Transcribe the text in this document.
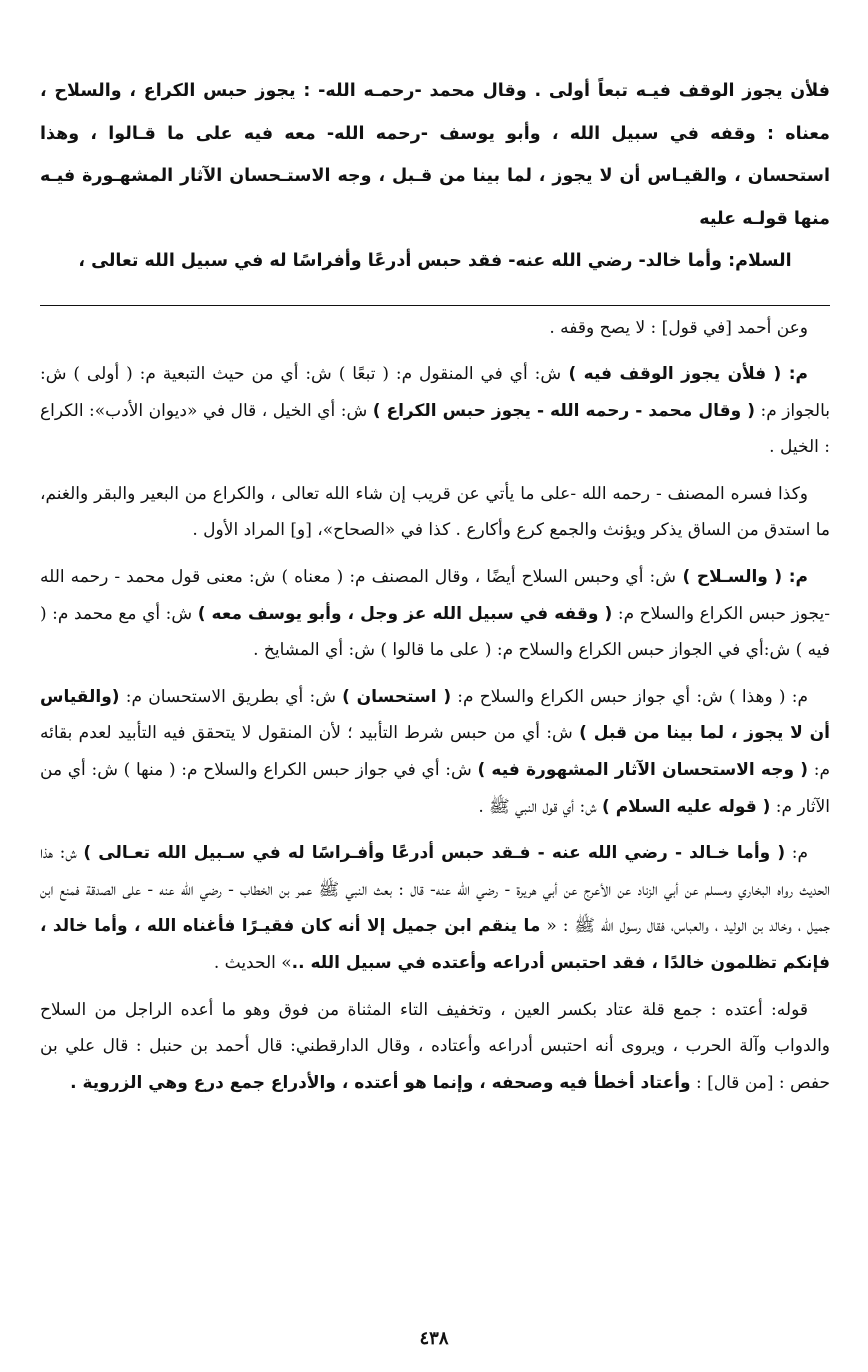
فلأن يجوز الوقف فيـه تبعاً أولى . وقال محمد -رحمـه الله- : يجوز حبس الكراع ، والسلاح ، معناه : وقفه في سبيل الله ، وأبو يوسف -رحمه الله- معه فيه على ما قـالوا ، وهذا استحسان ، والقيـاس أن لا يجوز ، لما بينا من قـبل ، وجه الاستـحسان الآثار المشهـورة فيـه منها قولـه عليه

السلام: وأما خالد- رضي الله عنه- فقد حبس أدرعًا وأفراسًا له في سبيل الله تعالى ،

وعن أحمد [في قول] : لا يصح وقفه .

م: ( فلأن يجوز الوقف فيه ) ش: أي في المنقول م: ( تبعًا ) ش: أي من حيث التبعية م: ( أولى ) ش: بالجواز م: ( وقال محمد - رحمه الله - يجوز حبس الكراع ) ش: أي الخيل ، قال في «ديوان الأدب»: الكراع : الخيل .

وكذا فسره المصنف - رحمه الله -على ما يأتي عن قريب إن شاء الله تعالى ، والكراع من البعير والبقر والغنم، ما استدق من الساق يذكر ويؤنث والجمع كرع وأكارع . كذا في «الصحاح»، [و] المراد الأول .

م: ( والسـلاح ) ش: أي وحبس السلاح أيضًا ، وقال المصنف م: ( معناه ) ش: معنى قول محمد - رحمه الله -يجوز حبس الكراع والسلاح م: ( وقفه في سبيل الله عز وجل ، وأبو يوسف معه ) ش: أي مع محمد م: ( فيه ) ش:أي في الجواز حبس الكراع والسلاح م: ( على ما قالوا ) ش: أي المشايخ .

م: ( وهذا ) ش: أي جواز حبس الكراع والسلاح م: ( استحسان ) ش: أي بطريق الاستحسان م: (والقياس أن لا يجوز ، لما بينا من قبل ) ش: أي من حبس شرط التأبيد ؛ لأن المنقول لا يتحقق فيه التأبيد لعدم بقائه م: ( وجه الاستحسان الآثار المشهورة فيه ) ش: أي في جواز حبس الكراع والسلاح م: ( منها ) ش: أي من الآثار م: ( قوله عليه السلام ) ش: أي قول النبي ﷺ .

م: ( وأما خـالد - رضي الله عنه - فـقد حبس أدرعًا وأفـراسًا له في سـبيل الله تعـالى ) ش: هذا الحديث رواه البخاري ومسلم عن أبي الزناد عن الأعرج عن أبي هريرة - رضي الله عنه- قال : بعث النبي ﷺ عمر بن الخطاب - رضي الله عنه - على الصدقة فمنع ابن جميل ، وخالد بن الوليد ، والعباس، فقال رسول الله ﷺ : « ما ينقم ابن جميل إلا أنه كان فقيـرًا فأغناه الله ، وأما خالد ، فإنكم تظلمون خالدًا ، فقد احتبس أدراعه وأعتده في سبيل الله ..» الحديث .

قوله: أعتده : جمع قلة عتاد بكسر العين ، وتخفيف التاء المثناة من فوق وهو ما أعده الراجل من السلاح والدواب وآلة الحرب ، ويروى أنه احتبس أدراعه وأعتاده ، وقال الدارقطني: قال أحمد بن حنبل : قال علي بن حفص : [من قال] : وأعتاد أخطأ فيه وصحفه ، وإنما هو أعتده ، والأدراع جمع درع وهي الزروية .

٤٣٨
